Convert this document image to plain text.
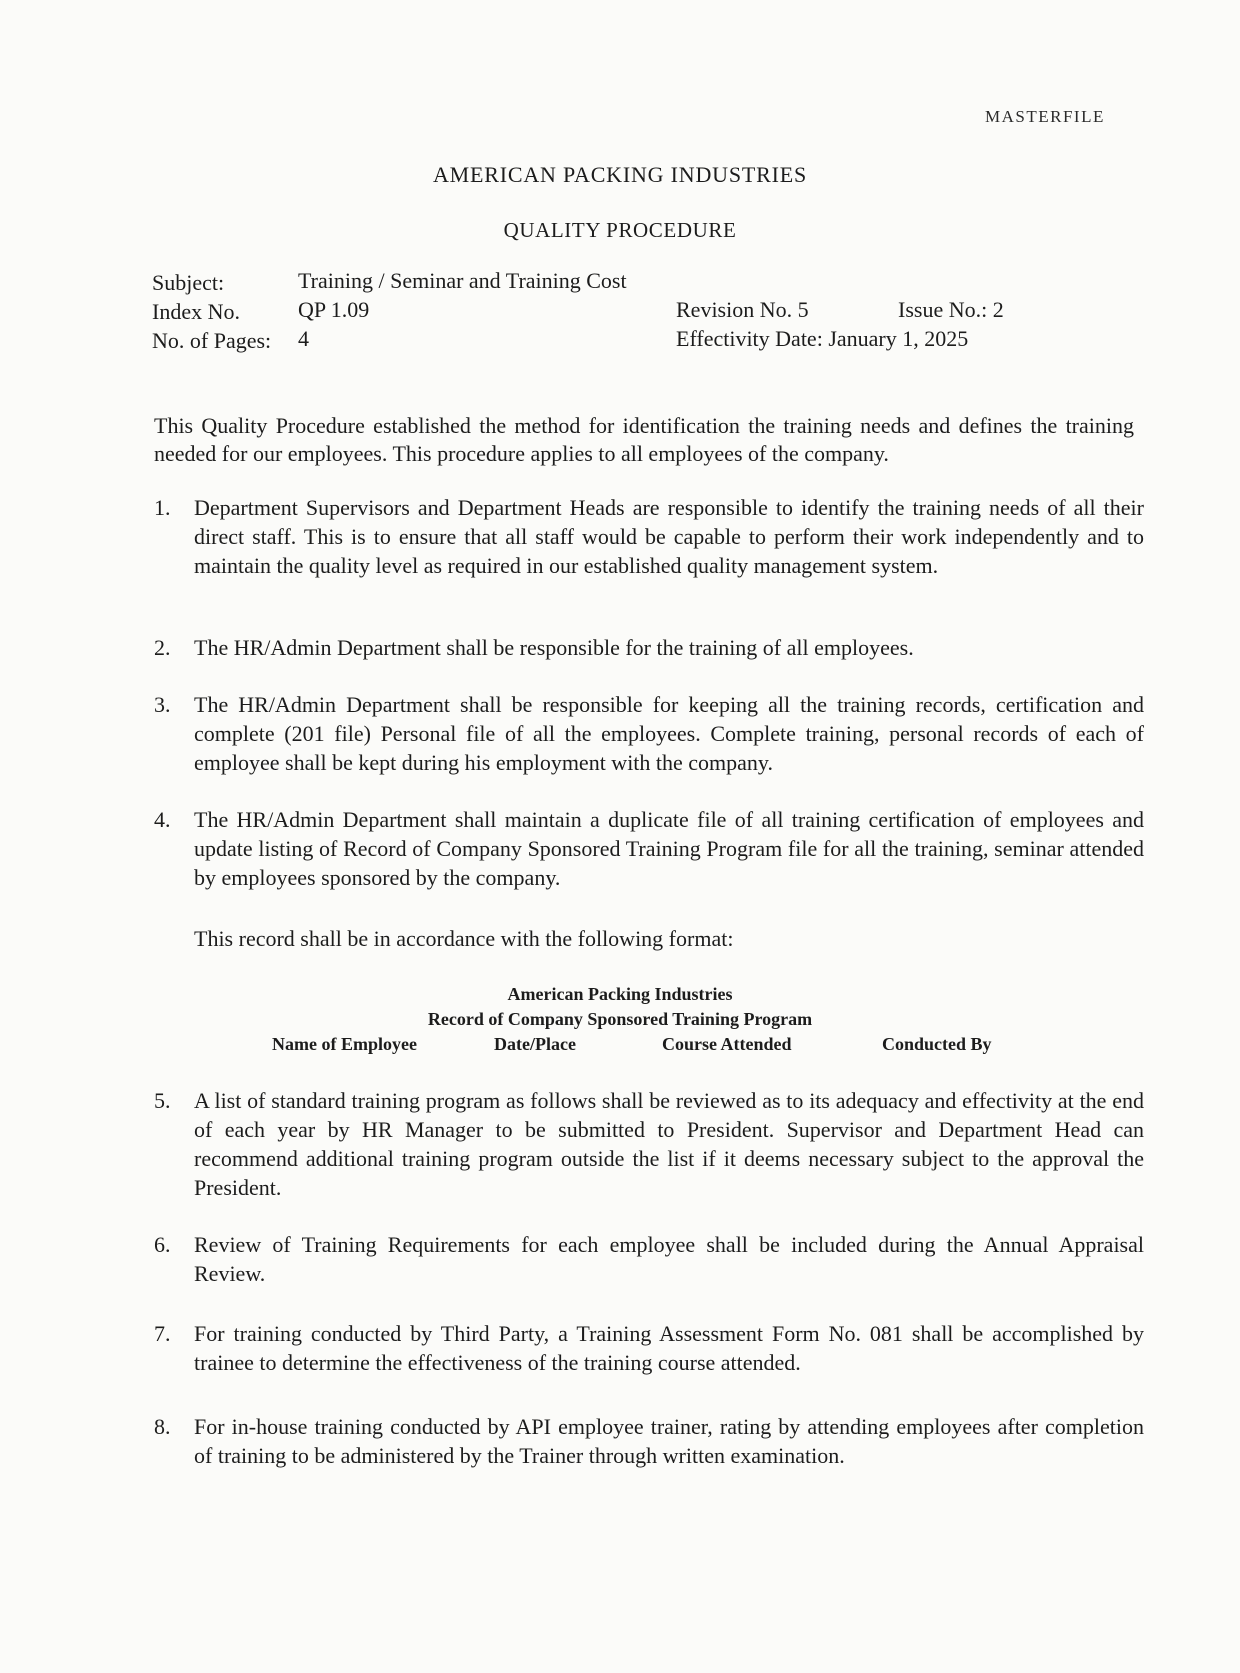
MASTERFILE
AMERICAN PACKING INDUSTRIES
QUALITY PROCEDURE
Subject:	Training / Seminar and Training Cost
Index No.	QP 1.09	Revision No. 5	Issue No.: 2
No. of Pages: 4	Effectivity Date: January 1, 2025
This Quality Procedure established the method for identification the training needs and defines the training needed for our employees. This procedure applies to all employees of the company.
1.	Department Supervisors and Department Heads are responsible to identify the training needs of all their direct staff. This is to ensure that all staff would be capable to perform their work independently and to maintain the quality level as required in our established quality management system.
2.	The HR/Admin Department shall be responsible for the training of all employees.
3.	The HR/Admin Department shall be responsible for keeping all the training records, certification and complete (201 file) Personal file of all the employees. Complete training, personal records of each of employee shall be kept during his employment with the company.
4.	The HR/Admin Department shall maintain a duplicate file of all training certification of employees and update listing of Record of Company Sponsored Training Program file for all the training, seminar attended by employees sponsored by the company.
This record shall be in accordance with the following format:
American Packing Industries
Record of Company Sponsored Training Program
Name of Employee	Date/Place	Course Attended	Conducted By
5.	A list of standard training program as follows shall be reviewed as to its adequacy and effectivity at the end of each year by HR Manager to be submitted to President. Supervisor and Department Head can recommend additional training program outside the list if it deems necessary subject to the approval the President.
6.	Review of Training Requirements for each employee shall be included during the Annual Appraisal Review.
7.	For training conducted by Third Party, a Training Assessment Form No. 081 shall be accomplished by trainee to determine the effectiveness of the training course attended.
8.	For in-house training conducted by API employee trainer, rating by attending employees after completion of training to be administered by the Trainer through written examination.
